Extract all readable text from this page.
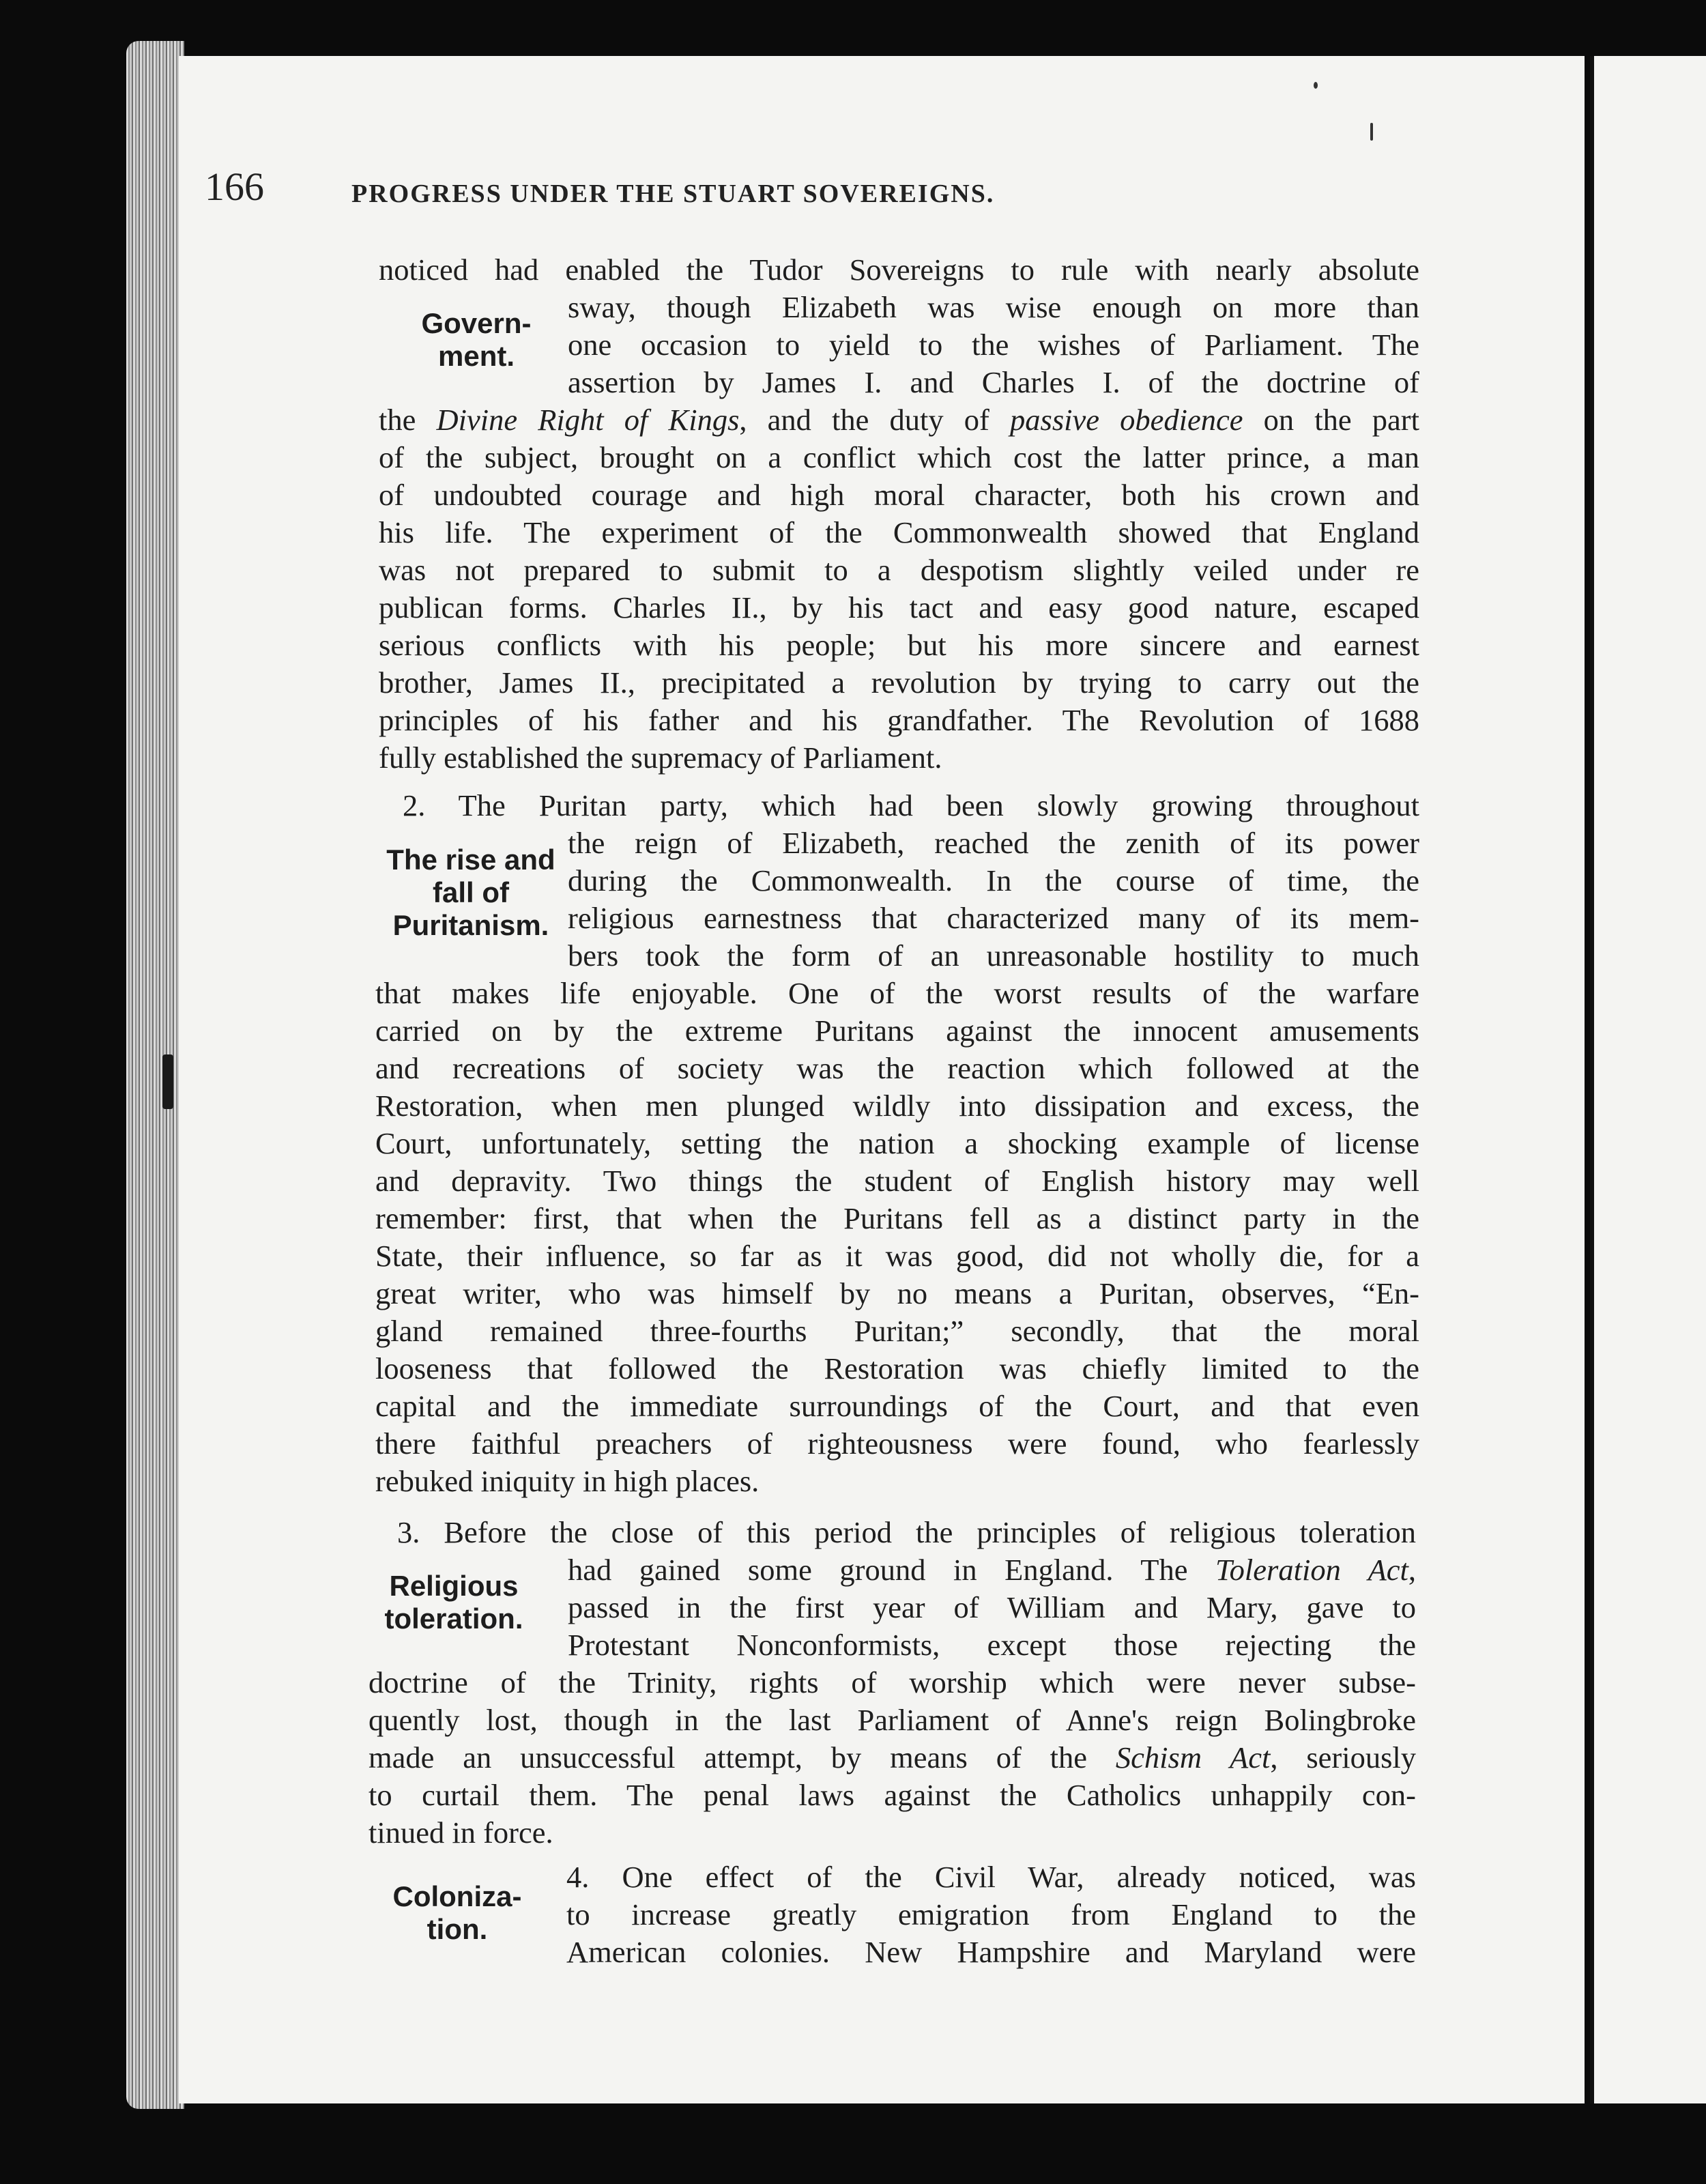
166	PROGRESS UNDER THE STUART SOVEREIGNS.
Govern-
ment.
The rise and
fall of
Puritanism.
Religious
toleration.
Coloniza-
tion.
noticed had enabled the Tudor Sovereigns to rule with nearly absolute
sway, though Elizabeth was wise enough on more than
one occasion to yield to the wishes of Parliament. The
assertion by James I. and Charles I. of the doctrine of
the Divine Right of Kings, and the duty of passive obedience on the part
of the subject, brought on a conflict which cost the latter prince, a man
of undoubted courage and high moral character, both his crown and
his life. The experiment of the Commonwealth showed that England
was not prepared to submit to a despotism slightly veiled under re
publican forms. Charles II., by his tact and easy good nature, escaped
serious conflicts with his people; but his more sincere and earnest
brother, James II., precipitated a revolution by trying to carry out the
principles of his father and his grandfather. The Revolution of 1688
fully established the supremacy of Parliament.
2. The Puritan party, which had been slowly growing throughout
the reign of Elizabeth, reached the zenith of its power
during the Commonwealth. In the course of time, the
religious earnestness that characterized many of its mem-
bers took the form of an unreasonable hostility to much
that makes life enjoyable. One of the worst results of the warfare
carried on by the extreme Puritans against the innocent amusements
and recreations of society was the reaction which followed at the
Restoration, when men plunged wildly into dissipation and excess, the
Court, unfortunately, setting the nation a shocking example of license
and depravity. Two things the student of English history may well
remember: first, that when the Puritans fell as a distinct party in the
State, their influence, so far as it was good, did not wholly die, for a
great writer, who was himself by no means a Puritan, observes, “En-
gland remained three-fourths Puritan;” secondly, that the moral
looseness that followed the Restoration was chiefly limited to the
capital and the immediate surroundings of the Court, and that even
there faithful preachers of righteousness were found, who fearlessly
rebuked iniquity in high places.
3. Before the close of this period the principles of religious toleration
had gained some ground in England. The Toleration Act,
passed in the first year of William and Mary, gave to
Protestant Nonconformists, except those rejecting the
doctrine of the Trinity, rights of worship which were never subse-
quently lost, though in the last Parliament of Anne's reign Bolingbroke
made an unsuccessful attempt, by means of the Schism Act, seriously
to curtail them. The penal laws against the Catholics unhappily con-
tinued in force.
4. One effect of the Civil War, already noticed, was
to increase greatly emigration from England to the
American colonies. New Hampshire and Maryland were
